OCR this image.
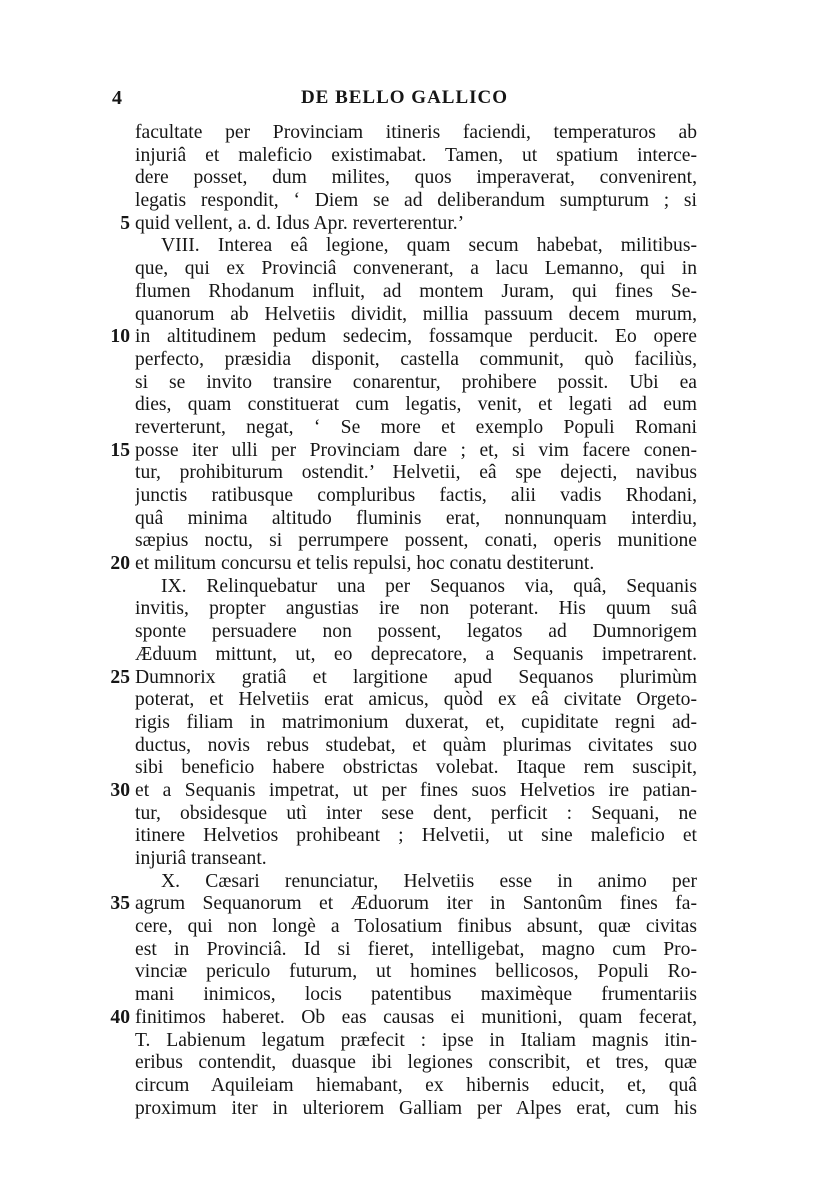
4	DE BELLO GALLICO
facultate per Provinciam itineris faciendi, temperaturos ab
injuriâ et maleficio existimabat. Tamen, ut spatium interce-
dere posset, dum milites, quos imperaverat, convenirent,
legatis respondit, ‘ Diem se ad deliberandum sumpturum ; si
5 quid vellent, a. d. Idus Apr. reverterentur.’
VIII. Interea eâ legione, quam secum habebat, militibus-
que, qui ex Provinciâ convenerant, a lacu Lemanno, qui in
flumen Rhodanum influit, ad montem Juram, qui fines Se-
quanorum ab Helvetiis dividit, millia passuum decem murum,
10 in altitudinem pedum sedecim, fossamque perducit. Eo opere
perfecto, præsidia disponit, castella communit, quò faciliùs,
si se invito transire conarentur, prohibere possit. Ubi ea
dies, quam constituerat cum legatis, venit, et legati ad eum
reverterunt, negat, ‘ Se more et exemplo Populi Romani
15 posse iter ulli per Provinciam dare ; et, si vim facere conen-
tur, prohibiturum ostendit.’ Helvetii, eâ spe dejecti, navibus
junctis ratibusque compluribus factis, alii vadis Rhodani,
quâ minima altitudo fluminis erat, nonnunquam interdiu,
sæpius noctu, si perrumpere possent, conati, operis munitione
20 et militum concursu et telis repulsi, hoc conatu destiterunt.
IX. Relinquebatur una per Sequanos via, quâ, Sequanis
invitis, propter angustias ire non poterant. His quum suâ
sponte persuadere non possent, legatos ad Dumnorigem
Æduum mittunt, ut, eo deprecatore, a Sequanis impetrarent.
25 Dumnorix gratiâ et largitione apud Sequanos plurimùm
poterat, et Helvetiis erat amicus, quòd ex eâ civitate Orgeto-
rigis filiam in matrimonium duxerat, et, cupiditate regni ad-
ductus, novis rebus studebat, et quàm plurimas civitates suo
sibi beneficio habere obstrictas volebat. Itaque rem suscipit,
30 et a Sequanis impetrat, ut per fines suos Helvetios ire patian-
tur, obsidesque utì inter sese dent, perficit : Sequani, ne
itinere Helvetios prohibeant ; Helvetii, ut sine maleficio et
injuriâ transeant.
X. Cæsari renunciatur, Helvetiis esse in animo per
35 agrum Sequanorum et Æduorum iter in Santonûm fines fa-
cere, qui non longè a Tolosatium finibus absunt, quæ civitas
est in Provinciâ. Id si fieret, intelligebat, magno cum Pro-
vinciæ periculo futurum, ut homines bellicosos, Populi Ro-
mani inimicos, locis patentibus maximèque frumentariis
40 finitimos haberet. Ob eas causas ei munitioni, quam fecerat,
T. Labienum legatum præfecit : ipse in Italiam magnis itin-
eribus contendit, duasque ibi legiones conscribit, et tres, quæ
circum Aquileiam hiemabant, ex hibernis educit, et, quâ
proximum iter in ulteriorem Galliam per Alpes erat, cum his
